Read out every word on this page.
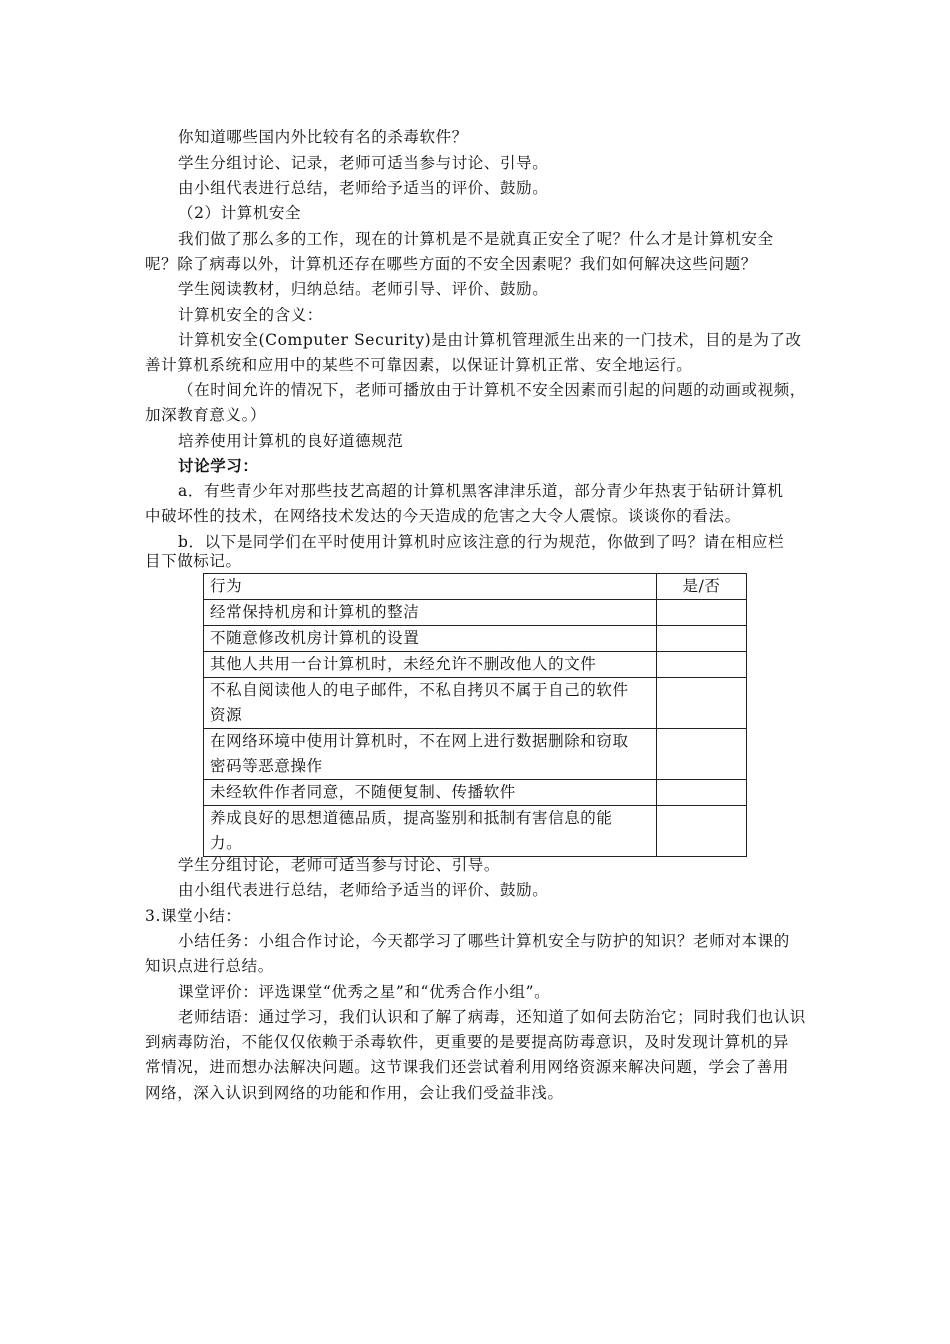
你知道哪些国内外比较有名的杀毒软件？
学生分组讨论、记录，老师可适当参与讨论、引导。
由小组代表进行总结，老师给予适当的评价、鼓励。
（2）计算机安全
我们做了那么多的工作，现在的计算机是不是就真正安全了呢？什么才是计算机安全
呢？除了病毒以外，计算机还存在哪些方面的不安全因素呢？我们如何解决这些问题？
学生阅读教材，归纳总结。老师引导、评价、鼓励。
计算机安全的含义：
计算机安全(Computer Security)是由计算机管理派生出来的一门技术，目的是为了改
善计算机系统和应用中的某些不可靠因素，以保证计算机正常、安全地运行。
（在时间允许的情况下，老师可播放由于计算机不安全因素而引起的问题的动画或视频，
加深教育意义。）
培养使用计算机的良好道德规范
讨论学习：
a．有些青少年对那些技艺高超的计算机黑客津津乐道，部分青少年热衷于钻研计算机
中破坏性的技术，在网络技术发达的今天造成的危害之大令人震惊。谈谈你的看法。
b．以下是同学们在平时使用计算机时应该注意的行为规范，你做到了吗？请在相应栏
目下做标记。
行为	是/否

经常保持机房和计算机的整洁	

不随意修改机房计算机的设置	

其他人共用一台计算机时，未经允许不删改他人的文件	

不私自阅读他人的电子邮件，不私自拷贝不属于自己的软件
资源	

在网络环境中使用计算机时，不在网上进行数据删除和窃取
密码等恶意操作	

未经软件作者同意，不随便复制、传播软件	

养成良好的思想道德品质，提高鉴别和抵制有害信息的能
力。	

学生分组讨论，老师可适当参与讨论、引导。
由小组代表进行总结，老师给予适当的评价、鼓励。
3.课堂小结：
小结任务：小组合作讨论，今天都学习了哪些计算机安全与防护的知识？老师对本课的
知识点进行总结。
课堂评价：评选课堂“优秀之星”和“优秀合作小组”。
老师结语：通过学习，我们认识和了解了病毒，还知道了如何去防治它；同时我们也认识
到病毒防治，不能仅仅依赖于杀毒软件，更重要的是要提高防毒意识，及时发现计算机的异
常情况，进而想办法解决问题。这节课我们还尝试着利用网络资源来解决问题，学会了善用
网络，深入认识到网络的功能和作用，会让我们受益非浅。
